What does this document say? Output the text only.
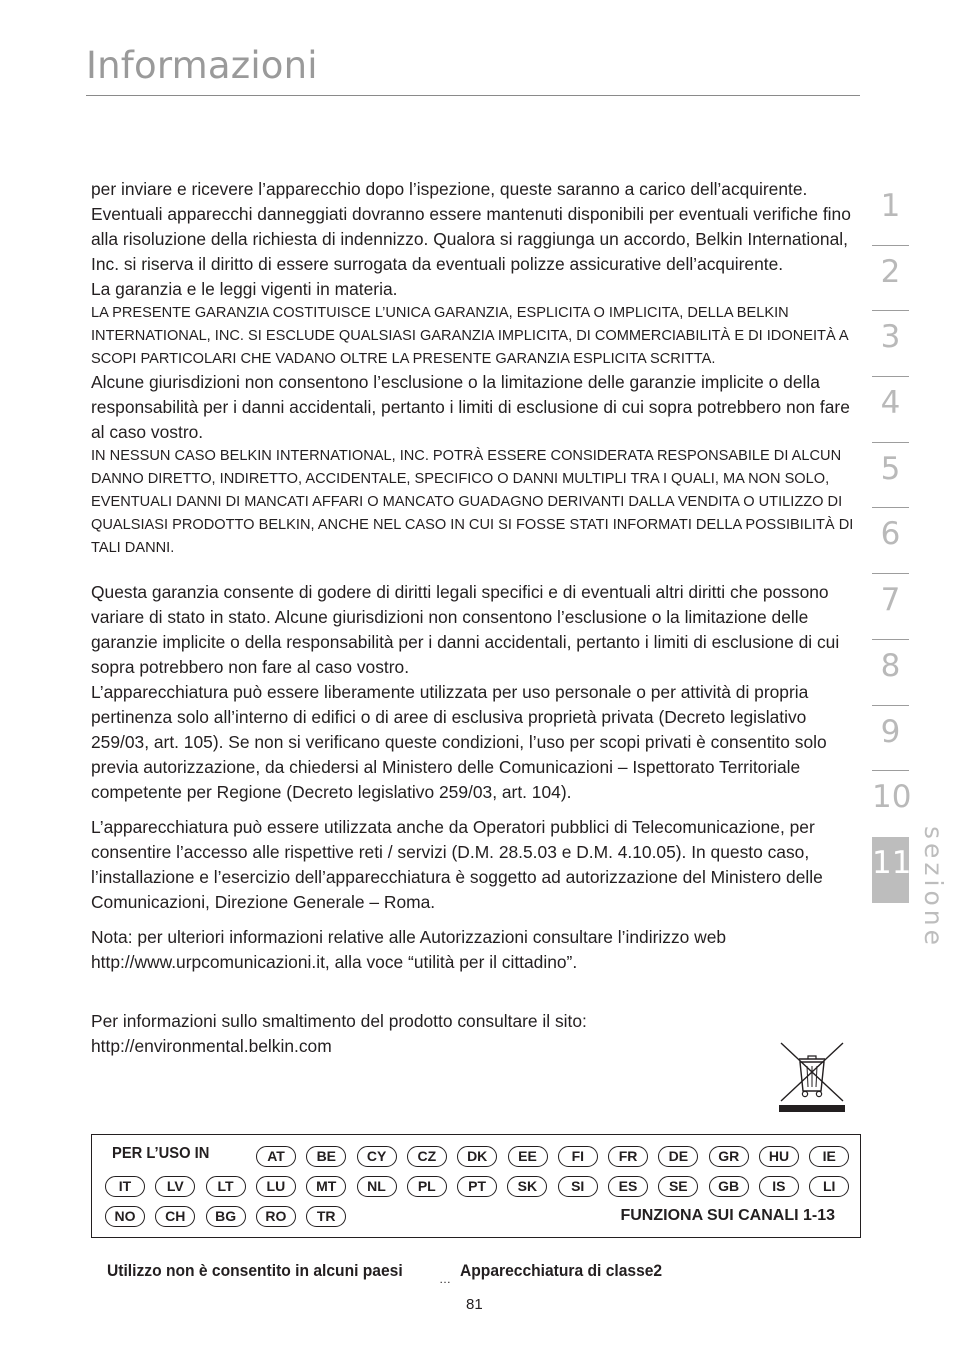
Informazioni

per inviare e ricevere l’apparecchio dopo l’ispezione, queste saranno a carico dell’acquirente. Eventuali apparecchi danneggiati dovranno essere mantenuti disponibili per eventuali verifiche fino alla risoluzione della richiesta di indennizzo. Qualora si raggiunga un accordo, Belkin International, Inc. si riserva il diritto di essere surrogata da eventuali polizze assicurative dell’acquirente.

La garanzia e le leggi vigenti in materia.

LA PRESENTE GARANZIA COSTITUISCE L’UNICA GARANZIA, ESPLICITA O IMPLICITA, DELLA BELKIN INTERNATIONAL, INC. SI ESCLUDE QUALSIASI GARANZIA IMPLICITA, DI COMMERCIABILITÀ E DI IDONEITÀ A SCOPI PARTICOLARI CHE VADANO OLTRE LA PRESENTE GARANZIA ESPLICITA SCRITTA.

Alcune giurisdizioni non consentono l’esclusione o la limitazione delle garanzie implicite o della responsabilità per i danni accidentali, pertanto i limiti di esclusione di cui sopra potrebbero non fare al caso vostro.

IN NESSUN CASO BELKIN INTERNATIONAL, INC. POTRÀ ESSERE CONSIDERATA RESPONSABILE DI ALCUN DANNO DIRETTO, INDIRETTO, ACCIDENTALE, SPECIFICO O DANNI MULTIPLI TRA I QUALI, MA NON SOLO, EVENTUALI DANNI DI MANCATI AFFARI O MANCATO GUADAGNO DERIVANTI DALLA VENDITA O UTILIZZO DI QUALSIASI PRODOTTO BELKIN, ANCHE NEL CASO IN CUI SI FOSSE STATI INFORMATI DELLA POSSIBILITÀ DI TALI DANNI.

Questa garanzia consente di godere di diritti legali specifici e di eventuali altri diritti che possono variare di stato in stato. Alcune giurisdizioni non consentono l’esclusione o la limitazione delle garanzie implicite o della responsabilità per i danni accidentali, pertanto i limiti di esclusione di cui sopra potrebbero non fare al caso vostro.

L’apparecchiatura può essere liberamente utilizzata per uso personale o per attività di propria pertinenza solo all’interno di edifici o di aree di esclusiva proprietà privata (Decreto legislativo 259/03, art. 105). Se non si verificano queste condizioni, l’uso per scopi privati è consentito solo previa autorizzazione, da chiedersi al Ministero delle Comunicazioni – Ispettorato Territoriale competente per Regione (Decreto legislativo 259/03, art. 104).

L’apparecchiatura può essere utilizzata anche da Operatori pubblici di Telecomunicazione, per consentire l’accesso alle rispettive reti / servizi (D.M. 28.5.03 e D.M. 4.10.05). In questo caso, l’installazione e l’esercizio dell’apparecchiatura è soggetto ad autorizzazione del Ministero delle Comunicazioni, Direzione Generale – Roma.

Nota: per ulteriori informazioni relative alle Autorizzazioni consultare l’indirizzo web http://www.urpcomunicazioni.it, alla voce “utilità per il cittadino”.

Per informazioni sullo smaltimento del prodotto consultare il sito: http://environmental.belkin.com

1
2
3
4
5
6
7
8
9
10
11 sezione
PER L’USO IN	AT	BE	CY	CZ	DK	EE	FI	FR	DE	GR	HU	IE
IT	LV	LT	LU	MT	NL	PL	PT	SK	SI	ES	SE	GB	IS	LI
NO	CH	BG	RO	TR	FUNZIONA SUI CANALI 1-13
Utilizzo non è consentito in alcuni paesi	… Apparecchiatura di classe2
81
